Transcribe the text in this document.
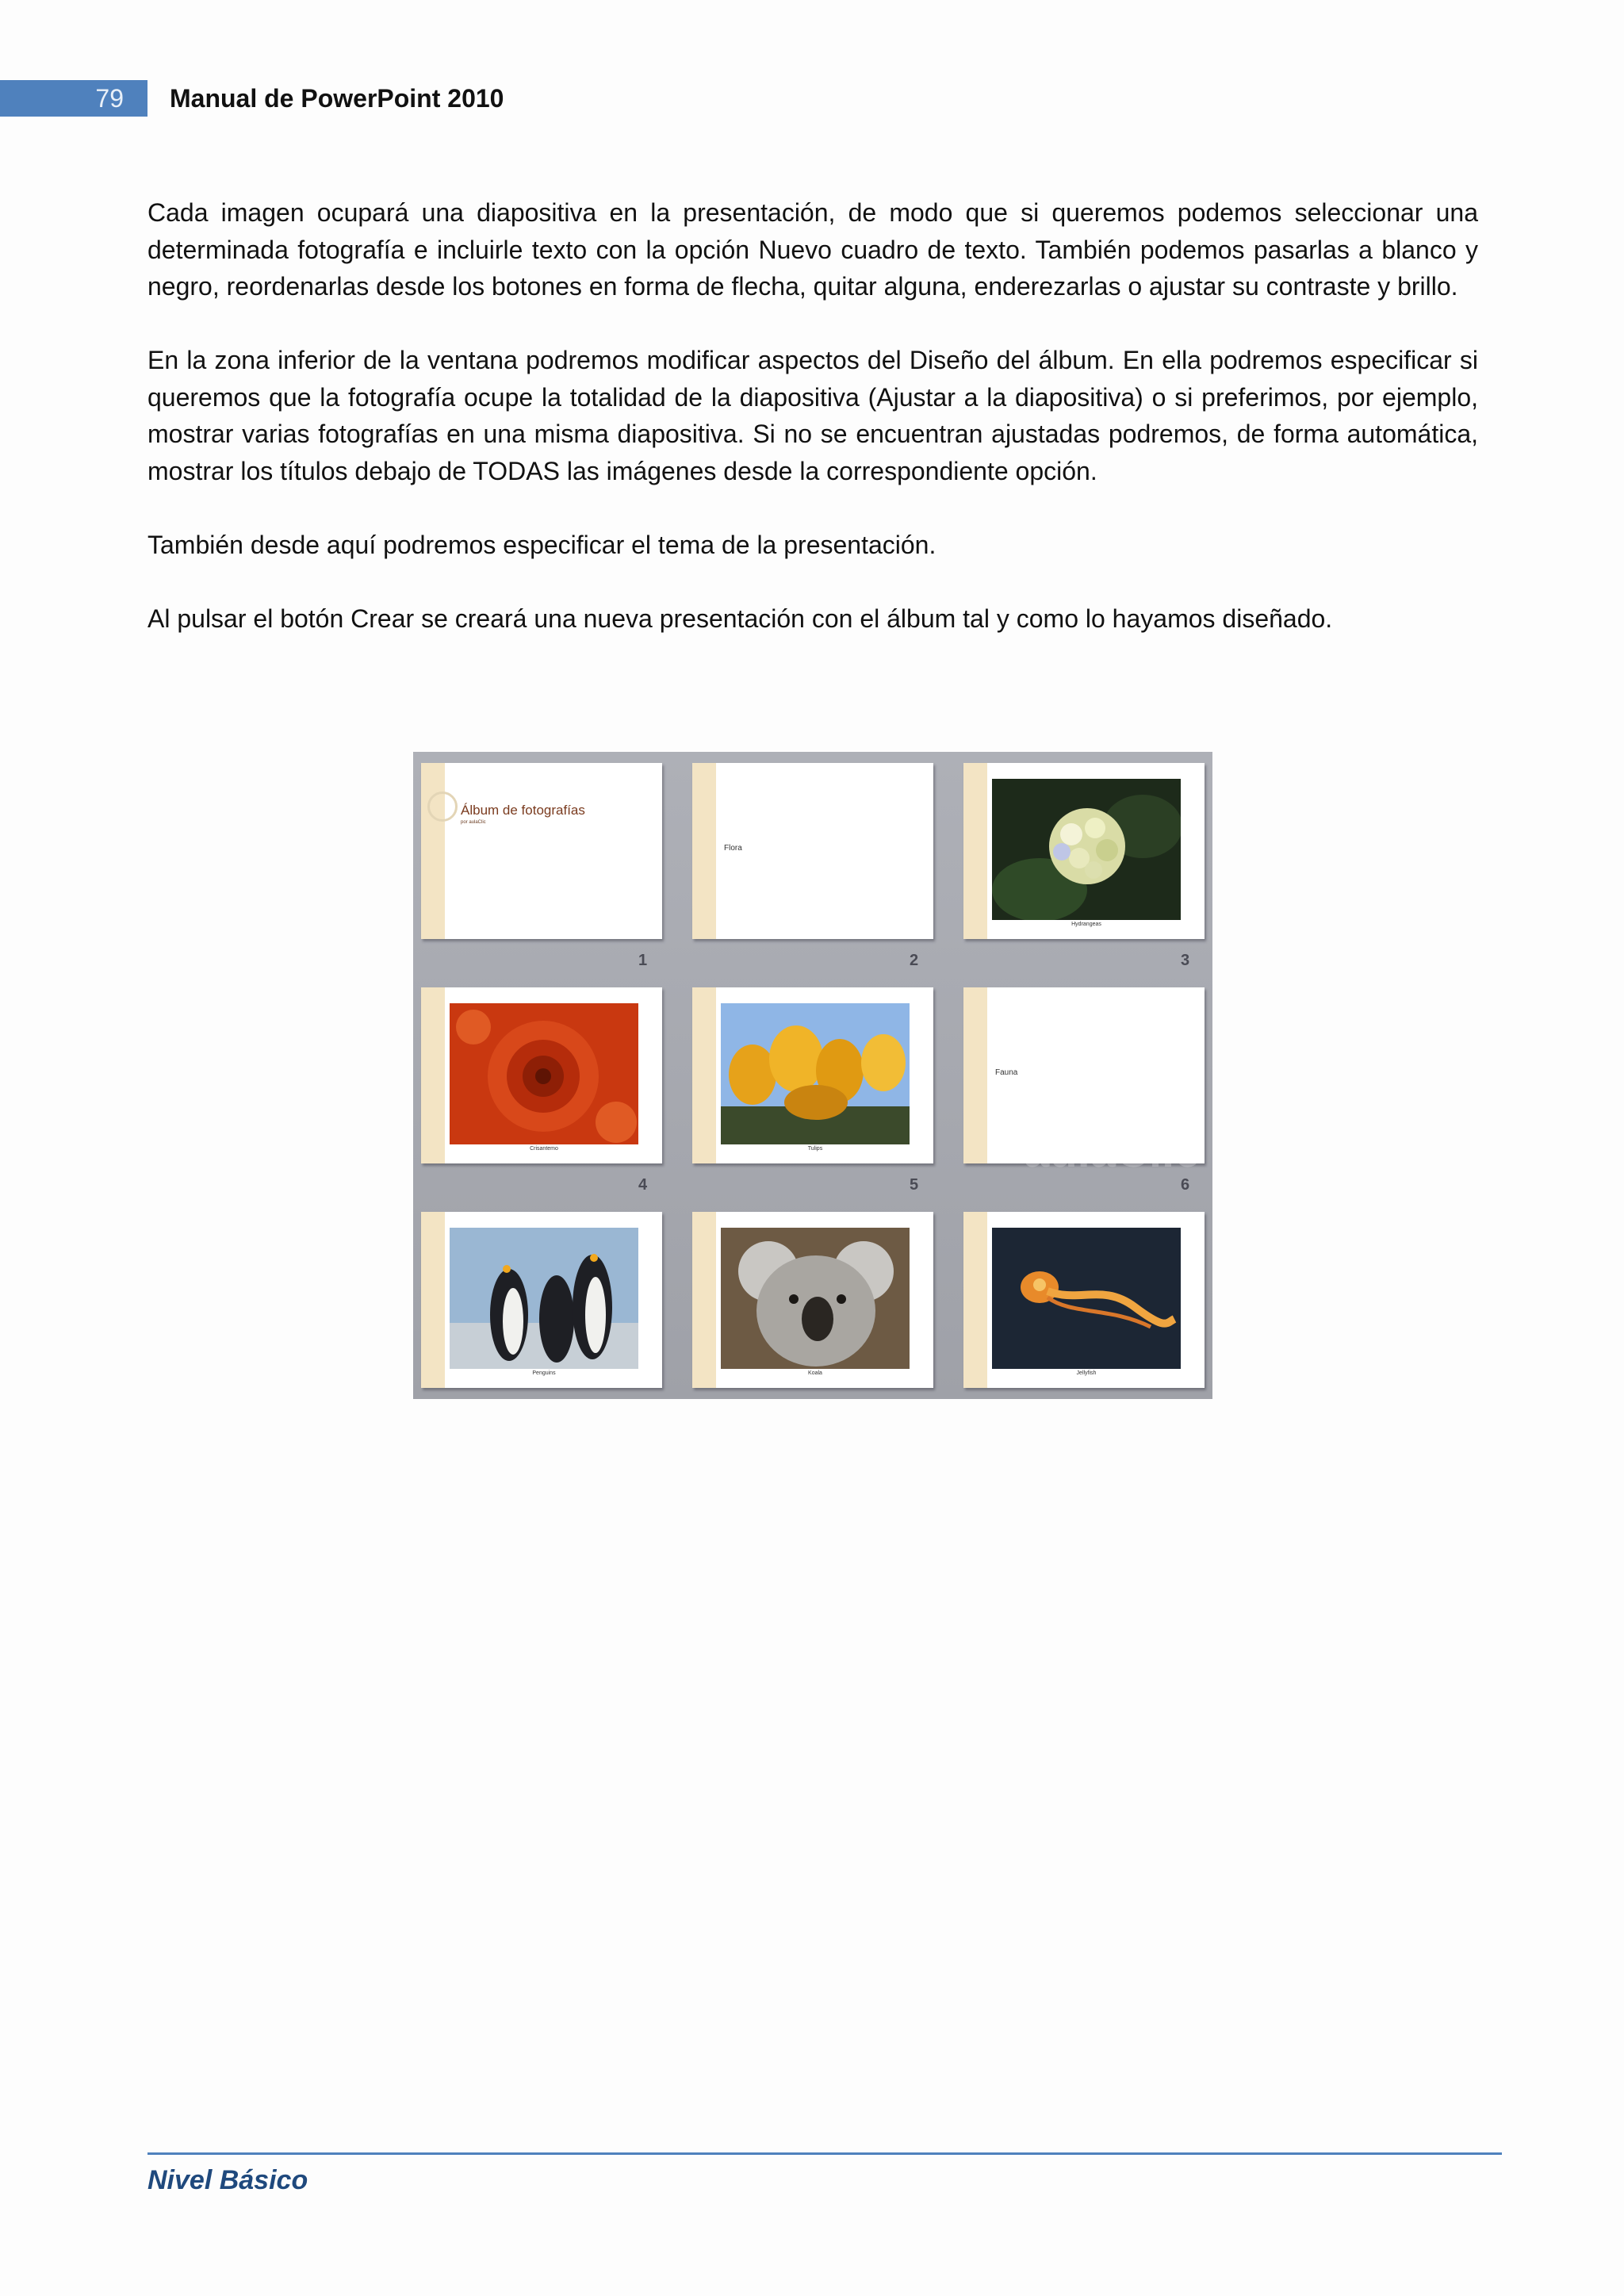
79	Manual de PowerPoint 2010

Cada imagen ocupará una diapositiva en la presentación, de modo que si queremos podemos seleccionar una determinada fotografía e incluirle texto con la opción Nuevo cuadro de texto. También podemos pasarlas a blanco y negro, reordenarlas desde los botones en forma de flecha, quitar alguna, enderezarlas o ajustar su contraste y brillo.

En la zona inferior de la ventana podremos modificar aspectos del Diseño del álbum. En ella podremos especificar si queremos que la fotografía ocupe la totalidad de la diapositiva (Ajustar a la diapositiva) o si preferimos, por ejemplo, mostrar varias fotografías en una misma diapositiva. Si no se encuentran ajustadas podremos, de forma automática, mostrar los títulos debajo de TODAS las imágenes desde la correspondiente opción.

También desde aquí podremos especificar el tema de la presentación.

Al pulsar el botón Crear se creará una nueva presentación con el álbum tal y como lo hayamos diseñado.

Álbum de fotografías
por aulaClic
Flora
Hydrangeas
1	2	3
Crisantemo	Tulips
Fauna
4	5	6
Penguins	Koala	Jellyfish
aulaClic
Nivel Básico
